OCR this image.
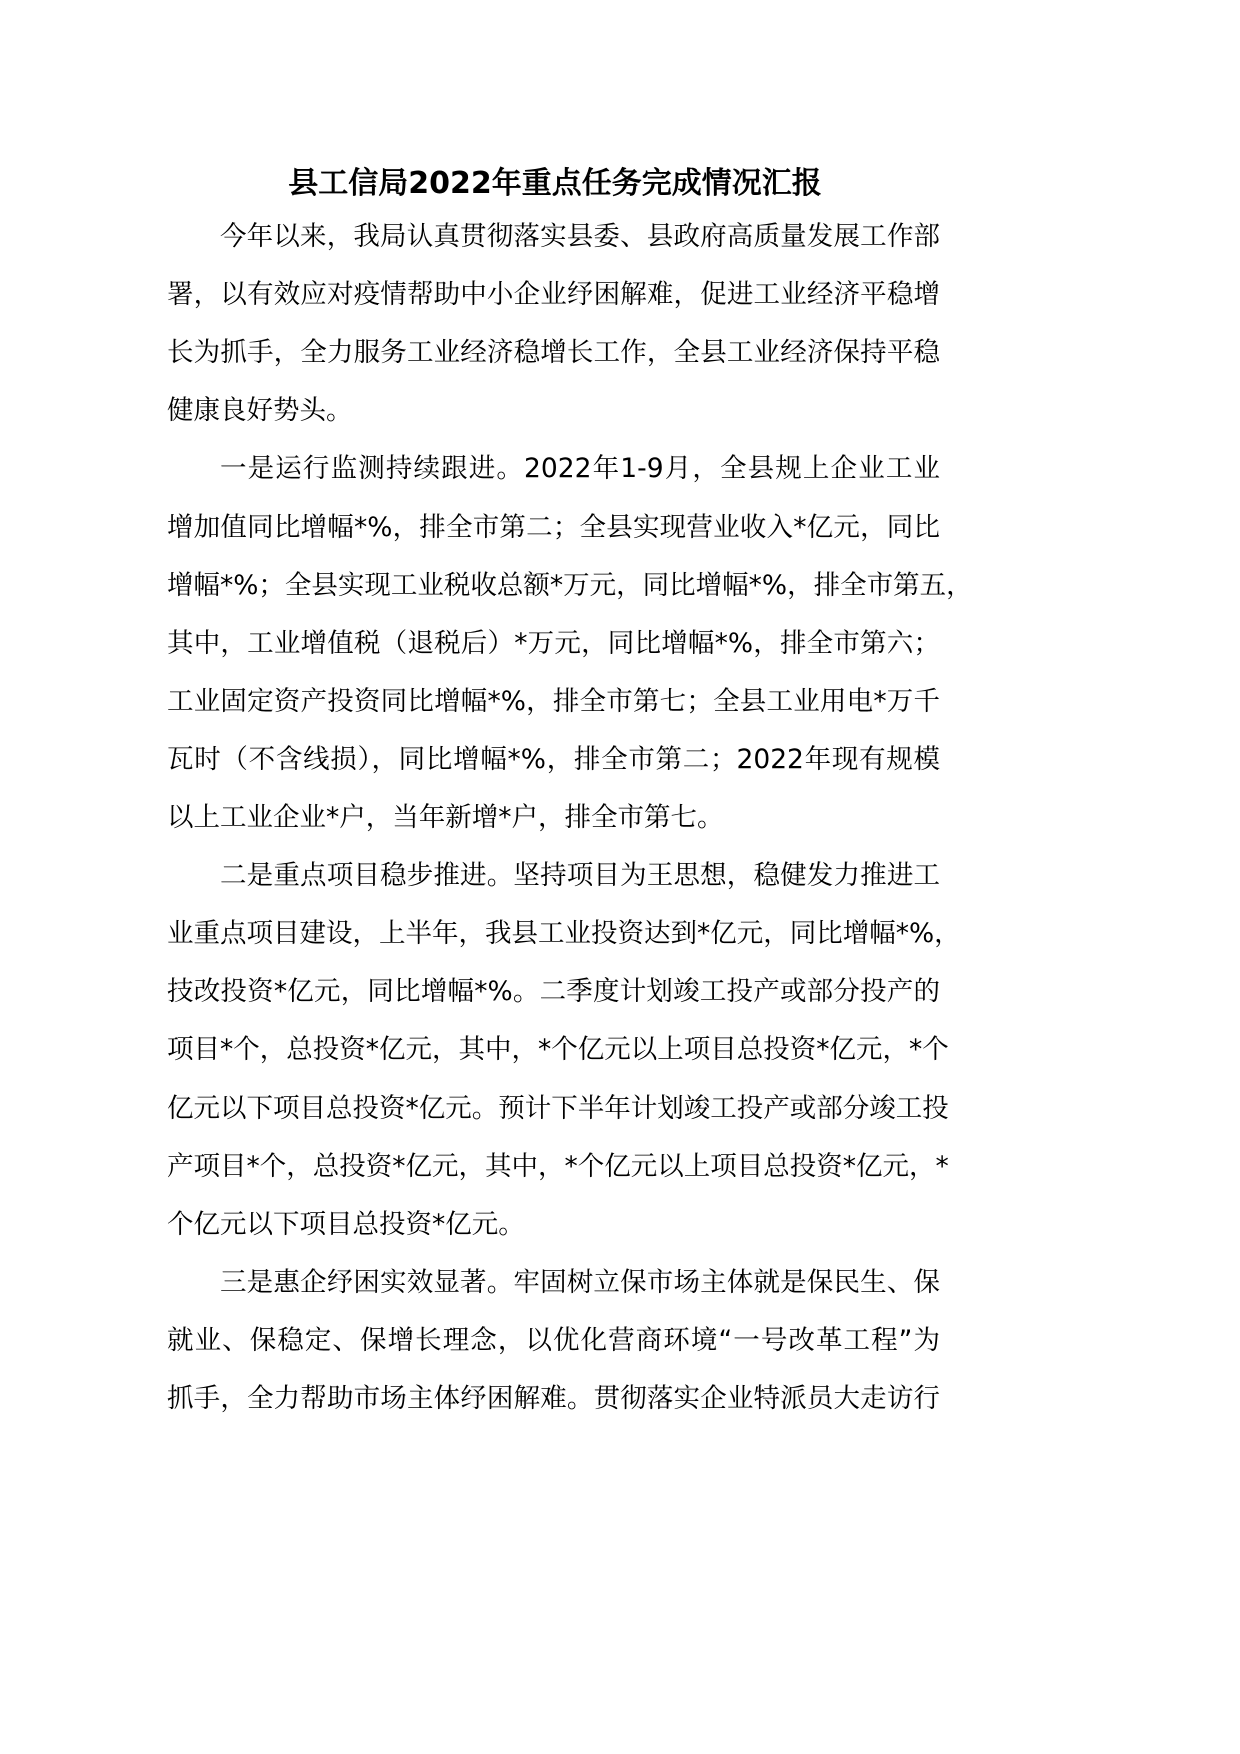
县工信局2022年重点任务完成情况汇报
今年以来，我局认真贯彻落实县委、县政府高质量发展工作部
署，以有效应对疫情帮助中小企业纾困解难，促进工业经济平稳增
长为抓手，全力服务工业经济稳增长工作，全县工业经济保持平稳
健康良好势头。
一是运行监测持续跟进。2022年1-9月，全县规上企业工业
增加值同比增幅*%，排全市第二；全县实现营业收入*亿元，同比
增幅*%；全县实现工业税收总额*万元，同比增幅*%，排全市第五，
其中，工业增值税（退税后）*万元，同比增幅*%，排全市第六；
工业固定资产投资同比增幅*%，排全市第七；全县工业用电*万千
瓦时（不含线损），同比增幅*%，排全市第二；2022年现有规模
以上工业企业*户，当年新增*户，排全市第七。
二是重点项目稳步推进。坚持项目为王思想，稳健发力推进工
业重点项目建设，上半年，我县工业投资达到*亿元，同比增幅*%，
技改投资*亿元，同比增幅*%。二季度计划竣工投产或部分投产的
项目*个，总投资*亿元，其中，*个亿元以上项目总投资*亿元，*个
亿元以下项目总投资*亿元。预计下半年计划竣工投产或部分竣工投
产项目*个，总投资*亿元，其中，*个亿元以上项目总投资*亿元，*
个亿元以下项目总投资*亿元。
三是惠企纾困实效显著。牢固树立保市场主体就是保民生、保
就业、保稳定、保增长理念，以优化营商环境“一号改革工程”为
抓手，全力帮助市场主体纾困解难。贯彻落实企业特派员大走访行
